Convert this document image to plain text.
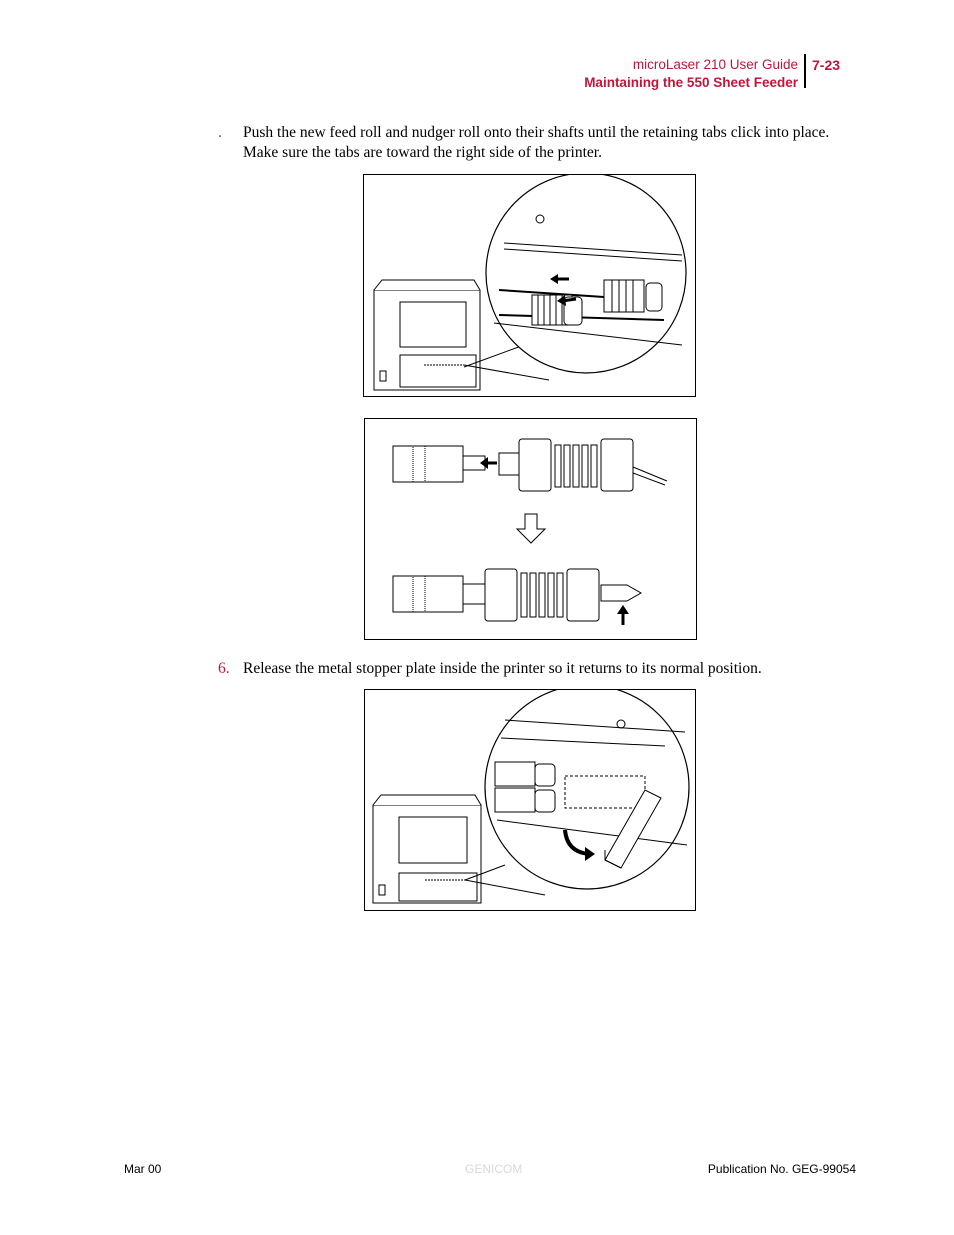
microLaser 210 User Guide
Maintaining the 550 Sheet Feeder
7-23
. Push the new feed roll and nudger roll onto their shafts until the retaining tabs click into place. Make sure the tabs are toward the right side of the printer.
6. Release the metal stopper plate inside the printer so it returns to its normal position.
Mar 00	GENICOM	Publication No. GEG-99054
